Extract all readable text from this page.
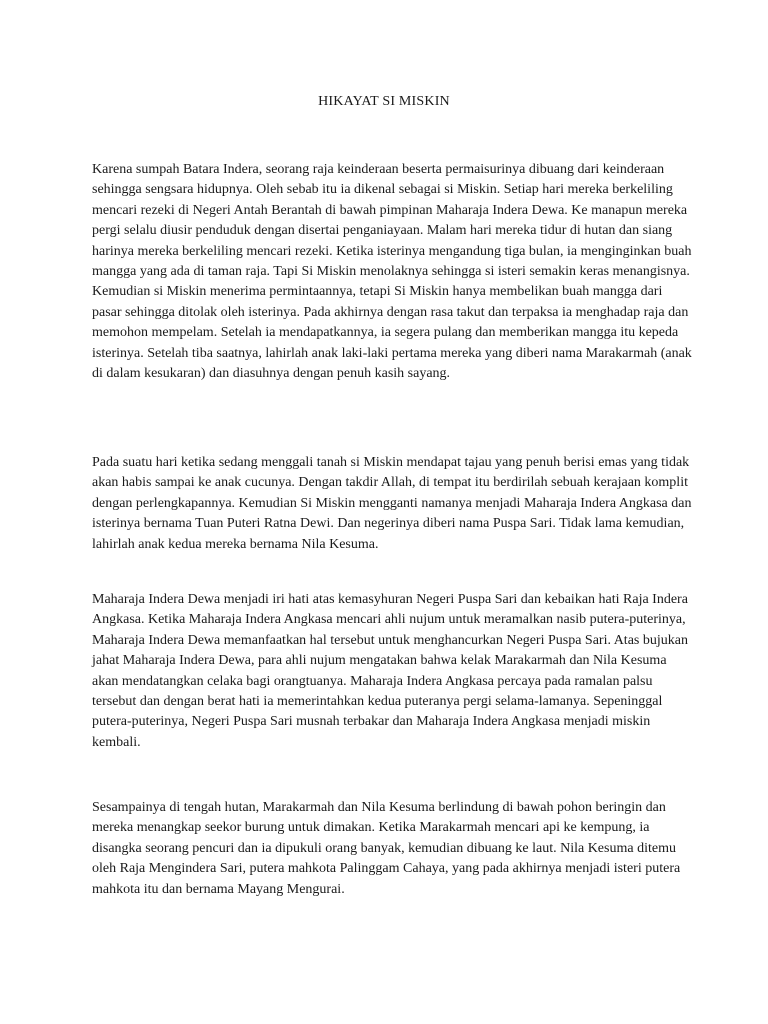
HIKAYAT SI MISKIN

Karena sumpah Batara Indera, seorang raja keinderaan beserta permaisurinya dibuang dari keinderaan sehingga sengsara hidupnya. Oleh sebab itu ia dikenal sebagai si Miskin. Setiap hari mereka berkeliling mencari rezeki di Negeri Antah Berantah di bawah pimpinan Maharaja Indera Dewa. Ke manapun mereka pergi selalu diusir penduduk dengan disertai penganiayaan. Malam hari mereka tidur di hutan dan siang harinya mereka berkeliling mencari rezeki. Ketika isterinya mengandung tiga bulan, ia menginginkan buah mangga yang ada di taman raja. Tapi Si Miskin menolaknya sehingga si isteri semakin keras menangisnya. Kemudian si Miskin menerima permintaannya, tetapi Si Miskin hanya membelikan buah mangga dari pasar sehingga ditolak oleh isterinya. Pada akhirnya dengan rasa takut dan terpaksa ia menghadap raja dan memohon mempelam. Setelah ia mendapatkannya, ia segera pulang dan memberikan mangga itu kepeda isterinya. Setelah tiba saatnya, lahirlah anak laki-laki pertama mereka yang diberi nama Marakarmah (anak di dalam kesukaran) dan diasuhnya dengan penuh kasih sayang.

Pada suatu hari ketika sedang menggali tanah si Miskin mendapat tajau yang penuh berisi emas yang tidak akan habis sampai ke anak cucunya. Dengan takdir Allah, di tempat itu berdirilah sebuah kerajaan komplit dengan perlengkapannya. Kemudian Si Miskin mengganti namanya menjadi Maharaja Indera Angkasa dan isterinya bernama Tuan Puteri Ratna Dewi. Dan negerinya diberi nama Puspa Sari. Tidak lama kemudian, lahirlah anak kedua mereka bernama Nila Kesuma.

Maharaja Indera Dewa menjadi iri hati atas kemasyhuran Negeri Puspa Sari dan kebaikan hati Raja Indera Angkasa. Ketika Maharaja Indera Angkasa mencari ahli nujum untuk meramalkan nasib putera-puterinya, Maharaja Indera Dewa memanfaatkan hal tersebut untuk menghancurkan Negeri Puspa Sari. Atas bujukan jahat Maharaja Indera Dewa, para ahli nujum mengatakan bahwa kelak Marakarmah dan Nila Kesuma akan mendatangkan celaka bagi orangtuanya. Maharaja Indera Angkasa percaya pada ramalan palsu tersebut dan dengan berat hati ia memerintahkan kedua puteranya pergi selama-lamanya. Sepeninggal putera-puterinya, Negeri Puspa Sari musnah terbakar dan Maharaja Indera Angkasa menjadi miskin kembali.

Sesampainya di tengah hutan, Marakarmah dan Nila Kesuma berlindung di bawah pohon beringin dan mereka menangkap seekor burung untuk dimakan. Ketika Marakarmah mencari api ke kempung, ia disangka seorang pencuri dan ia dipukuli orang banyak, kemudian dibuang ke laut. Nila Kesuma ditemu oleh Raja Mengindera Sari, putera mahkota Palinggam Cahaya, yang pada akhirnya menjadi isteri putera mahkota itu dan bernama Mayang Mengurai.
